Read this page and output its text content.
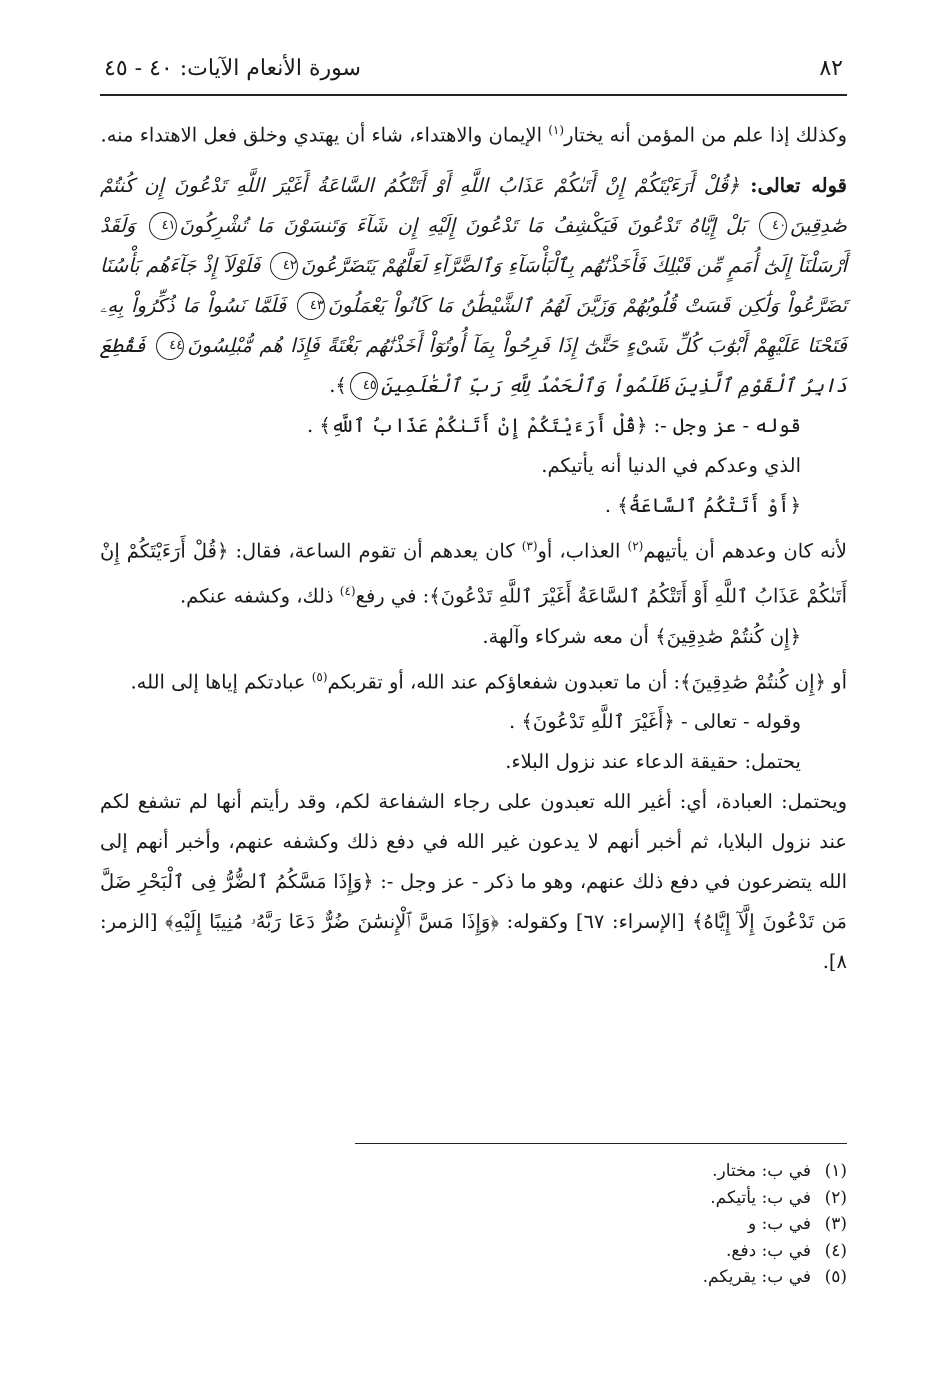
٨٢
سورة الأنعام الآيات: ٤٠ - ٤٥

وكذلك إذا علم من المؤمن أنه يختار$^{(١)}$ الإيمان والاهتداء، شاء أن يهتدي وخلق فعل الاهتداء منه.

قوله تعالى: ﴿قُلْ أَرَءَيْتَكُمْ إِنْ أَتَىٰكُمْ عَذَابُ اللَّهِ أَوْ أَتَتْكُمُ السَّاعَةُ أَغَيْرَ اللَّهِ تَدْعُونَ إِن كُنتُمْ صَٰدِقِينَ٤٠ بَلْ إِيَّاهُ تَدْعُونَ فَيَكْشِفُ مَا تَدْعُونَ إِلَيْهِ إِن شَآءَ وَتَنسَوْنَ مَا تُشْرِكُونَ٤١ وَلَقَدْ أَرْسَلْنَآ إِلَىٰٓ أُمَمٍ مِّن قَبْلِكَ فَأَخَذْنَٰهُم بِٱلْبَأْسَآءِ وَٱلضَّرَّآءِ لَعَلَّهُمْ يَتَضَرَّعُونَ٤٢ فَلَوْلَآ إِذْ جَآءَهُم بَأْسُنَا تَضَرَّعُواْ وَلَٰكِن قَسَتْ قُلُوبُهُمْ وَزَيَّنَ لَهُمُ ٱلشَّيْطَٰنُ مَا كَانُواْ يَعْمَلُونَ٤٣ فَلَمَّا نَسُواْ مَا ذُكِّرُواْ بِهِۦ فَتَحْنَا عَلَيْهِمْ أَبْوَٰبَ كُلِّ شَىْءٍ حَتَّىٰٓ إِذَا فَرِحُواْ بِمَآ أُوتُوٓاْ أَخَذْنَٰهُم بَغْتَةً فَإِذَا هُم مُّبْلِسُونَ٤٤ فَقُطِعَ دَابِرُ ٱلْقَوْمِ ٱلَّذِينَ ظَلَمُواْ وَٱلْحَمْدُ لِلَّهِ رَبِّ ٱلْعَٰلَمِينَ٤٥﴾.

قوله - عز وجل -: ﴿قُلْ أَرَءَيْتَكُمْ إِنْ أَتَىٰكُمْ عَذَابُ ٱللَّهِ﴾ .

الذي وعدكم في الدنيا أنه يأتيكم.

﴿أَوْ أَتَتْكُمُ ٱلسَّاعَةُ﴾ .

لأنه كان وعدهم أن يأتيهم$^{(٢)}$ العذاب، أو$^{(٣)}$ كان يعدهم أن تقوم الساعة، فقال: ﴿قُلْ أَرَءَيْتَكُمْ إِنْ أَتَىٰكُمْ عَذَابُ ٱللَّهِ أَوْ أَتَتْكُمُ ٱلسَّاعَةُ أَغَيْرَ ٱللَّهِ تَدْعُونَ﴾: في رفع$^{(٤)}$ ذلك، وكشفه عنكم.

﴿إِن كُنتُمْ صَٰدِقِينَ﴾ أن معه شركاء وآلهة.

أو ﴿إِن كُنتُمْ صَٰدِقِينَ﴾: أن ما تعبدون شفعاؤكم عند الله، أو تقربكم$^{(٥)}$ عبادتكم إياها إلى الله.

وقوله - تعالى - ﴿أَغَيْرَ ٱللَّهِ تَدْعُونَ﴾ .

يحتمل: حقيقة الدعاء عند نزول البلاء.

ويحتمل: العبادة، أي: أغير الله تعبدون على رجاء الشفاعة لكم، وقد رأيتم أنها لم تشفع لكم عند نزول البلايا، ثم أخبر أنهم لا يدعون غير الله في دفع ذلك وكشفه عنهم، وأخبر أنهم إلى الله يتضرعون في دفع ذلك عنهم، وهو ما ذكر - عز وجل -: ﴿وَإِذَا مَسَّكُمُ ٱلضُّرُّ فِى ٱلْبَحْرِ ضَلَّ مَن تَدْعُونَ إِلَّآ إِيَّاهُ﴾ [الإسراء: ٦٧] وكقوله: ﴿وَإِذَا مَسَّ ٱلْإِنسَٰنَ ضُرٌّ دَعَا رَبَّهُۥ مُنِيبًا إِلَيْهِ﴾ [الزمر: ٨].

(١)في ب: مختار.
(٢)في ب: يأتيكم.
(٣)في ب: و
(٤)في ب: دفع.
(٥)في ب: يقريكم.
